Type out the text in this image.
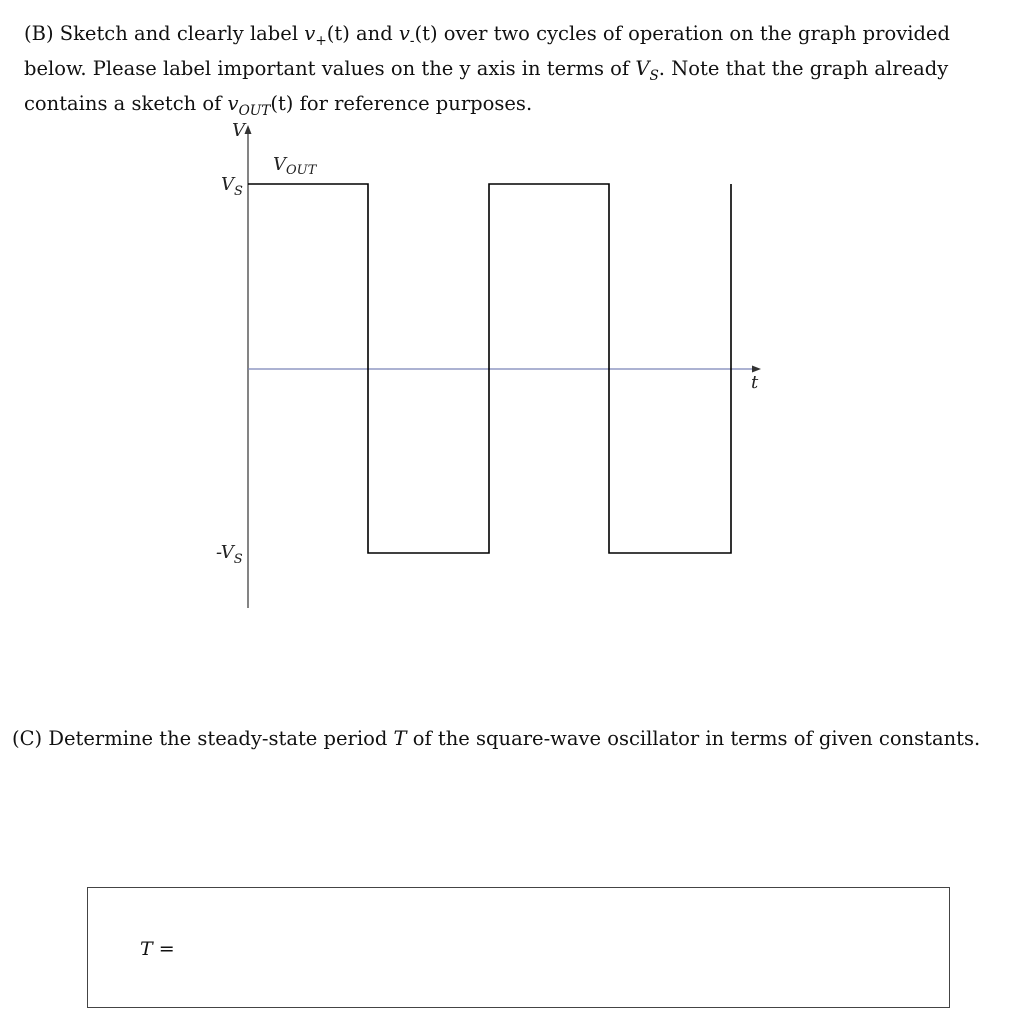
(B) Sketch and clearly label $v_+(t)$ and $v_-(t)$ over two cycles of operation on the graph provided
below. Please label important values on the y axis in terms of $V_S$. Note that the graph already
contains a sketch of $v_{OUT}(t)$ for reference purposes.
V
t
$V_{OUT}$
$V_S$
$-V_S$
(C) Determine the steady-state period T of the square-wave oscillator in terms of given constants.
T =
